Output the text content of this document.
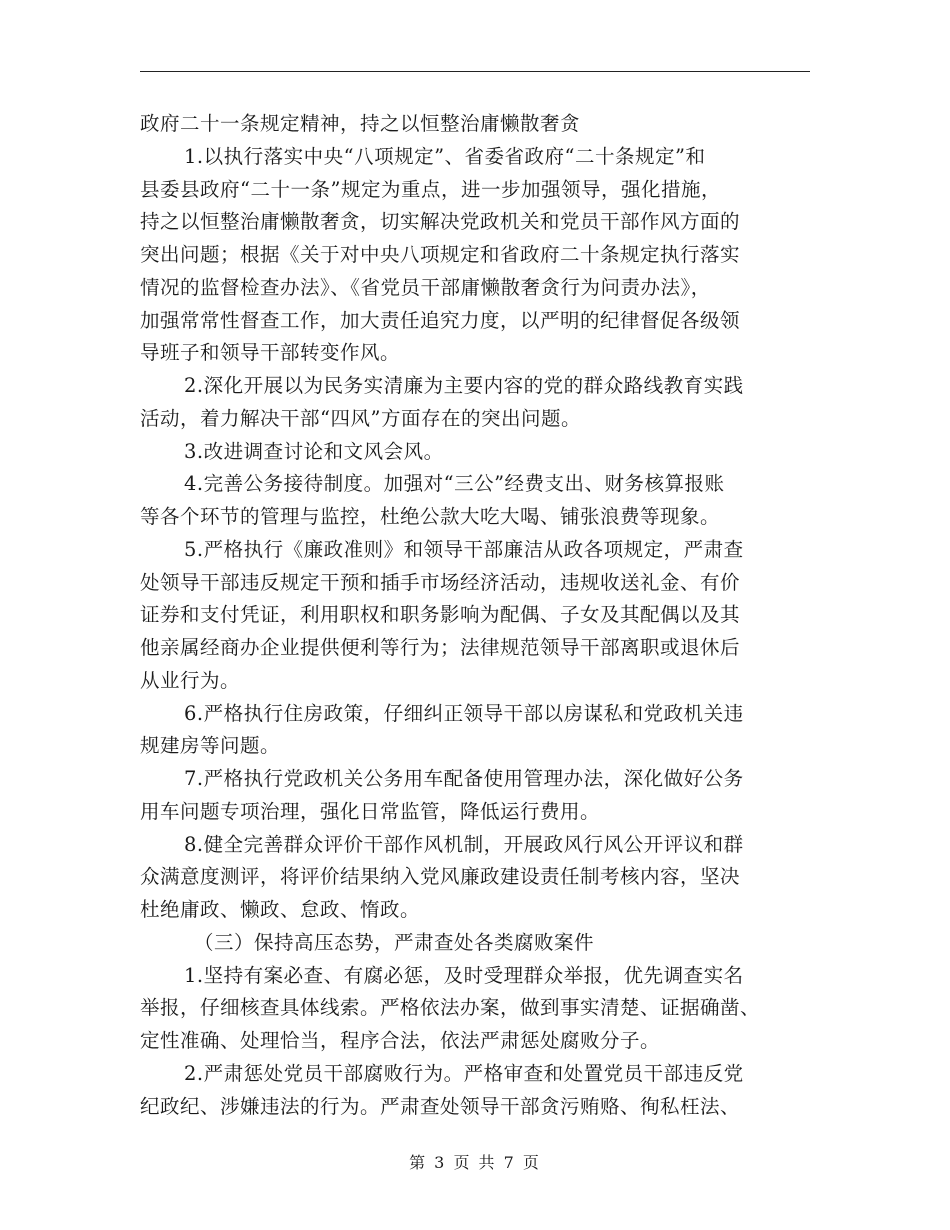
政府二十一条规定精神，持之以恒整治庸懒散奢贪
1.以执行落实中央“八项规定”、省委省政府“二十条规定”和
县委县政府“二十一条”规定为重点，进一步加强领导，强化措施，
持之以恒整治庸懒散奢贪，切实解决党政机关和党员干部作风方面的
突出问题；根据《关于对中央八项规定和省政府二十条规定执行落实
情况的监督检查办法》、《省党员干部庸懒散奢贪行为问责办法》，
加强常常性督查工作，加大责任追究力度，以严明的纪律督促各级领
导班子和领导干部转变作风。
2.深化开展以为民务实清廉为主要内容的党的群众路线教育实践
活动，着力解决干部“四风”方面存在的突出问题。
3.改进调查讨论和文风会风。
4.完善公务接待制度。加强对“三公”经费支出、财务核算报账
等各个环节的管理与监控，杜绝公款大吃大喝、铺张浪费等现象。
5.严格执行《廉政准则》和领导干部廉洁从政各项规定，严肃查
处领导干部违反规定干预和插手市场经济活动，违规收送礼金、有价
证券和支付凭证，利用职权和职务影响为配偶、子女及其配偶以及其
他亲属经商办企业提供便利等行为；法律规范领导干部离职或退休后
从业行为。
6.严格执行住房政策，仔细纠正领导干部以房谋私和党政机关违
规建房等问题。
7.严格执行党政机关公务用车配备使用管理办法，深化做好公务
用车问题专项治理，强化日常监管，降低运行费用。
8.健全完善群众评价干部作风机制，开展政风行风公开评议和群
众满意度测评，将评价结果纳入党风廉政建设责任制考核内容，坚决
杜绝庸政、懒政、怠政、惰政。
（三）保持高压态势，严肃查处各类腐败案件
1.坚持有案必查、有腐必惩，及时受理群众举报，优先调查实名
举报，仔细核查具体线索。严格依法办案，做到事实清楚、证据确凿、
定性准确、处理恰当，程序合法，依法严肃惩处腐败分子。
2.严肃惩处党员干部腐败行为。严格审查和处置党员干部违反党
纪政纪、涉嫌违法的行为。严肃查处领导干部贪污贿赂、徇私枉法、
第 3 页 共 7 页
